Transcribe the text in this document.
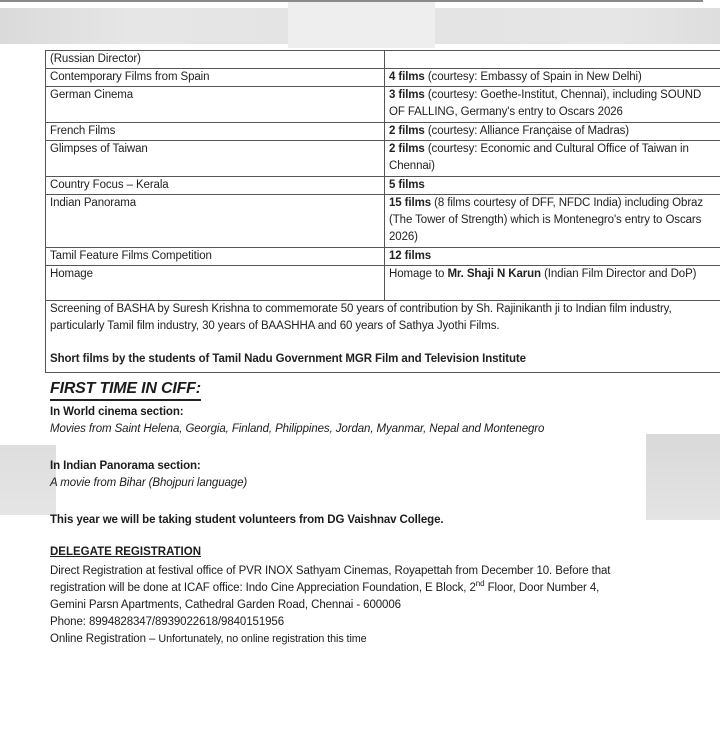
(Russian Director)	
Contemporary Films from Spain	4 films (courtesy: Embassy of Spain in New Delhi)
German Cinema	3 films (courtesy: Goethe-Institut, Chennai), including SOUND OF FALLING, Germany's entry to Oscars 2026
French Films	2 films (courtesy: Alliance Française of Madras)
Glimpses of Taiwan	2 films (courtesy: Economic and Cultural Office of Taiwan in Chennai)
Country Focus – Kerala	5 films
Indian Panorama	15 films (8 films courtesy of DFF, NFDC India) including Obraz (The Tower of Strength) which is Montenegro's entry to Oscars 2026)
Tamil Feature Films Competition	12 films
Homage	Homage to Mr. Shaji N Karun (Indian Film Director and DoP)

Screening of BASHA by Suresh Krishna to commemorate 50 years of contribution by Sh. Rajinikanth ji to Indian film industry, particularly Tamil film industry, 30 years of BAASHHA and 60 years of Sathya Jyothi Films.

Short films by the students of Tamil Nadu Government MGR Film and Television Institute	

FIRST TIME IN CIFF:

In World cinema section:

Movies from Saint Helena, Georgia, Finland, Philippines, Jordan, Myanmar, Nepal and Montenegro

In Indian Panorama section:

A movie from Bihar (Bhojpuri language)

This year we will be taking student volunteers from DG Vaishnav College.

DELEGATE REGISTRATION

Direct Registration at festival office of PVR INOX Sathyam Cinemas, Royapettah from December 10. Before that

registration will be done at ICAF office: Indo Cine Appreciation Foundation, E Block, 2nd Floor, Door Number 4,

Gemini Parsn Apartments, Cathedral Garden Road, Chennai - 600006

Phone: 8994828347/8939022618/9840151956

Online Registration – Unfortunately, no online registration this time
